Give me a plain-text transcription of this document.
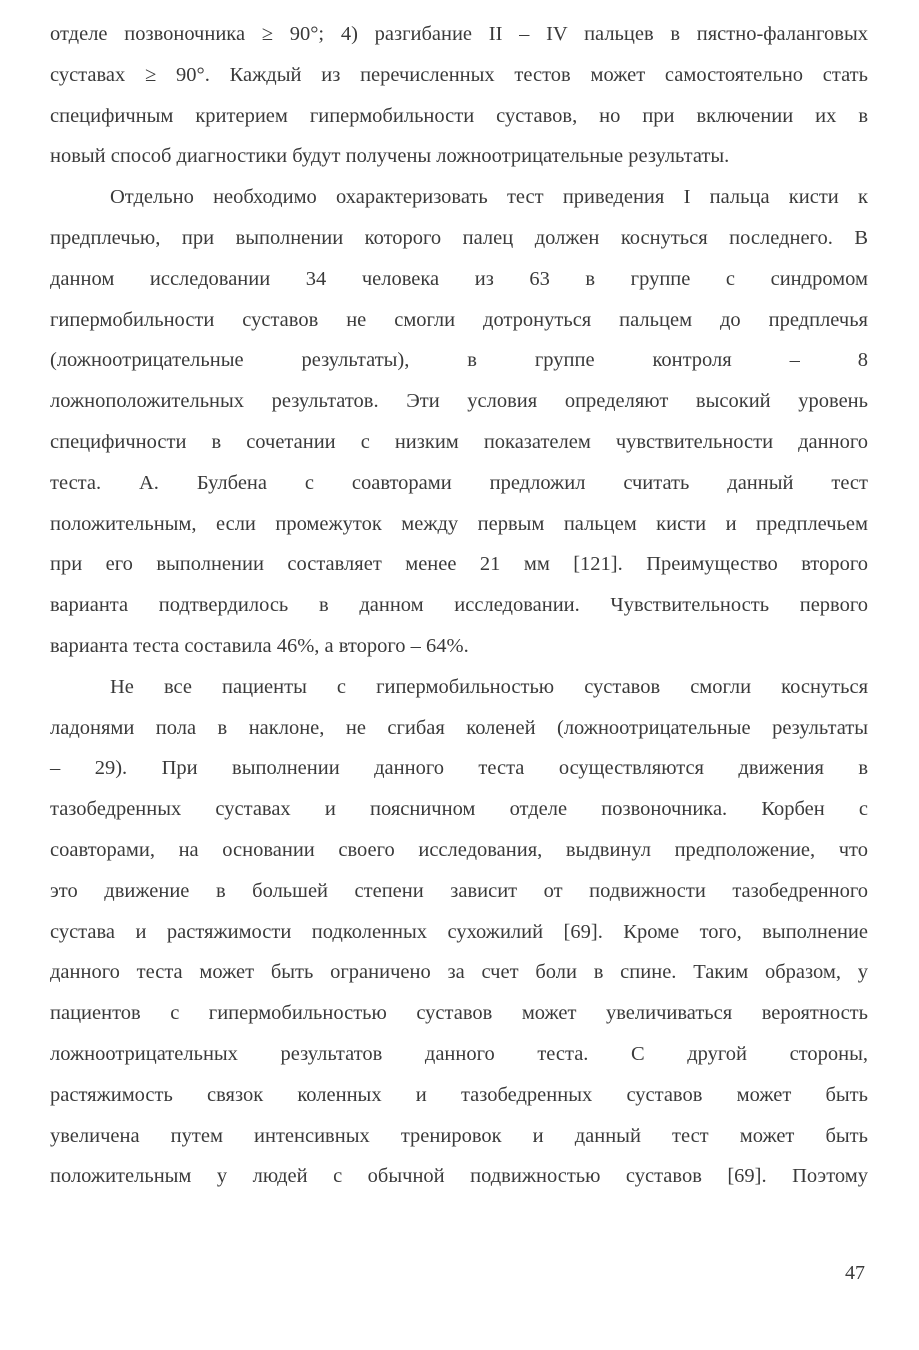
отделе позвоночника ≥ 90°; 4) разгибание II – IV пальцев в пястно-фаланговых
суставах ≥ 90°. Каждый из перечисленных тестов может самостоятельно стать
специфичным критерием гипермобильности суставов, но при включении их в
новый способ диагностики будут получены ложноотрицательные результаты.
Отдельно необходимо охарактеризовать тест приведения I пальца кисти к
предплечью, при выполнении которого палец должен коснуться последнего. В
данном исследовании 34 человека из 63 в группе с синдромом
гипермобильности суставов не смогли дотронуться пальцем до предплечья
(ложноотрицательные результаты), в группе контроля – 8
ложноположительных результатов. Эти условия определяют высокий уровень
специфичности в сочетании с низким показателем чувствительности данного
теста. А. Булбена с соавторами предложил считать данный тест
положительным, если промежуток между первым пальцем кисти и предплечьем
при его выполнении составляет менее 21 мм [121]. Преимущество второго
варианта подтвердилось в данном исследовании. Чувствительность первого
варианта теста составила 46%, а второго – 64%.
Не все пациенты с гипермобильностью суставов смогли коснуться
ладонями пола в наклоне, не сгибая коленей (ложноотрицательные результаты
– 29). При выполнении данного теста осуществляются движения в
тазобедренных суставах и поясничном отделе позвоночника. Корбен с
соавторами, на основании своего исследования, выдвинул предположение, что
это движение в большей степени зависит от подвижности тазобедренного
сустава и растяжимости подколенных сухожилий [69]. Кроме того, выполнение
данного теста может быть ограничено за счет боли в спине. Таким образом, у
пациентов с гипермобильностью суставов может увеличиваться вероятность
ложноотрицательных результатов данного теста. С другой стороны,
растяжимость связок коленных и тазобедренных суставов может быть
увеличена путем интенсивных тренировок и данный тест может быть
положительным у людей с обычной подвижностью суставов [69]. Поэтому
47
